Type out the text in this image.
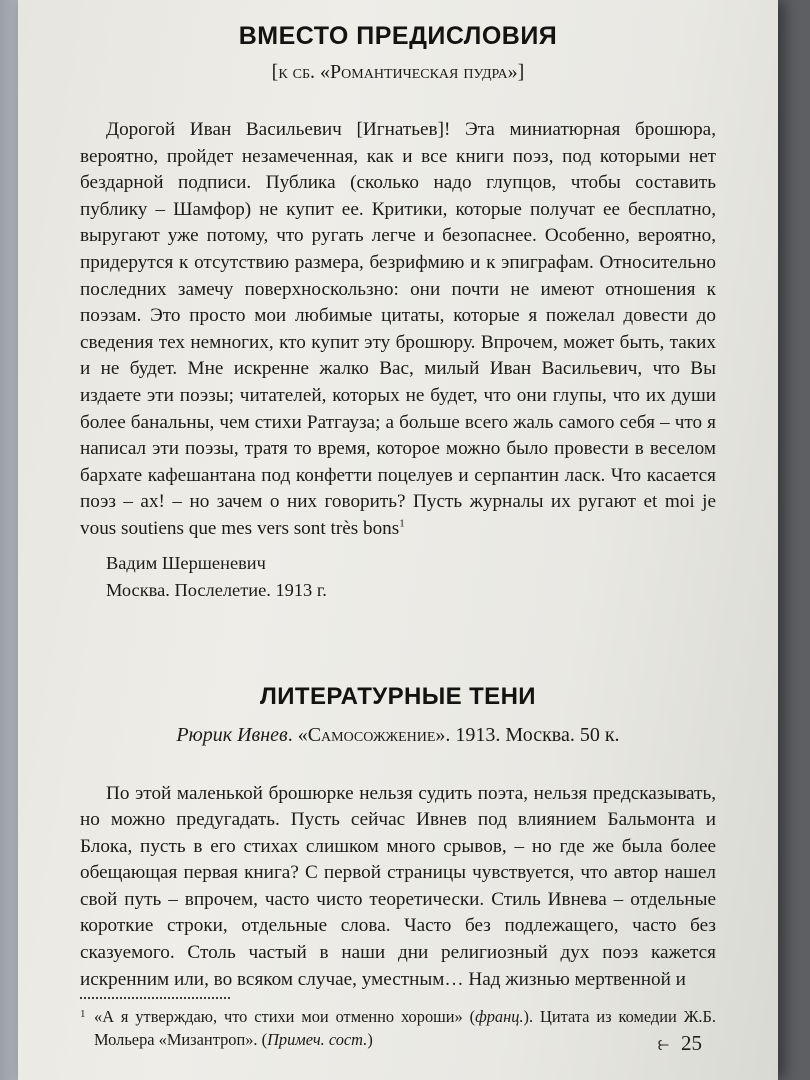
ВМЕСТО ПРЕДИСЛОВИЯ
[к сб. «Романтическая пудра»]

Дорогой Иван Васильевич [Игнатьев]! Эта миниатюрная брошюра, вероятно, пройдет незамеченная, как и все книги поэз, под которыми нет бездарной подписи. Публика (сколько надо глупцов, чтобы составить публику – Шамфор) не купит ее. Критики, которые получат ее бесплатно, выругают уже потому, что ругать легче и безопаснее. Особенно, вероятно, придерутся к отсутствию размера, безрифмию и к эпиграфам. Относительно последних замечу поверхноскользно: они почти не имеют отношения к поэзам. Это просто мои любимые цитаты, которые я пожелал довести до сведения тех немногих, кто купит эту брошюру. Впрочем, может быть, таких и не будет. Мне искренне жалко Вас, милый Иван Васильевич, что Вы издаете эти поэзы; читателей, которых не будет, что они глупы, что их души более банальны, чем стихи Ратгауза; а больше всего жаль самого себя – что я написал эти поэзы, тратя то время, которое можно было провести в веселом бархате кафешантана под конфетти поцелуев и серпантин ласк. Что касается поэз – ах! – но зачем о них говорить? Пусть журналы их ругают et moi je vous soutiens que mes vers sont très bons$^1$

Вадим Шершеневич
Москва. Послелетие. 1913 г.
ЛИТЕРАТУРНЫЕ ТЕНИ
Рюрик Ивнев. «Самосожжение». 1913. Москва. 50 к.

По этой маленькой брошюрке нельзя судить поэта, нельзя предсказывать, но можно предугадать. Пусть сейчас Ивнев под влиянием Бальмонта и Блока, пусть в его стихах слишком много срывов, – но где же была более обещающая первая книга? С первой страницы чувствуется, что автор нашел свой путь – впрочем, часто чисто теоретически. Стиль Ивнева – отдельные короткие строки, отдельные слова. Часто без подлежащего, часто без сказуемого. Столь частый в наши дни религиозный дух поэз кажется искренним или, во всяком случае, уместным… Над жизнью мертвенной и

1 «А я утверждаю, что стихи мои отменно хороши» (франц.). Цитата из комедии Ж.Б. Мольера «Мизантроп». (Примеч. сост.)	⥼ 25
